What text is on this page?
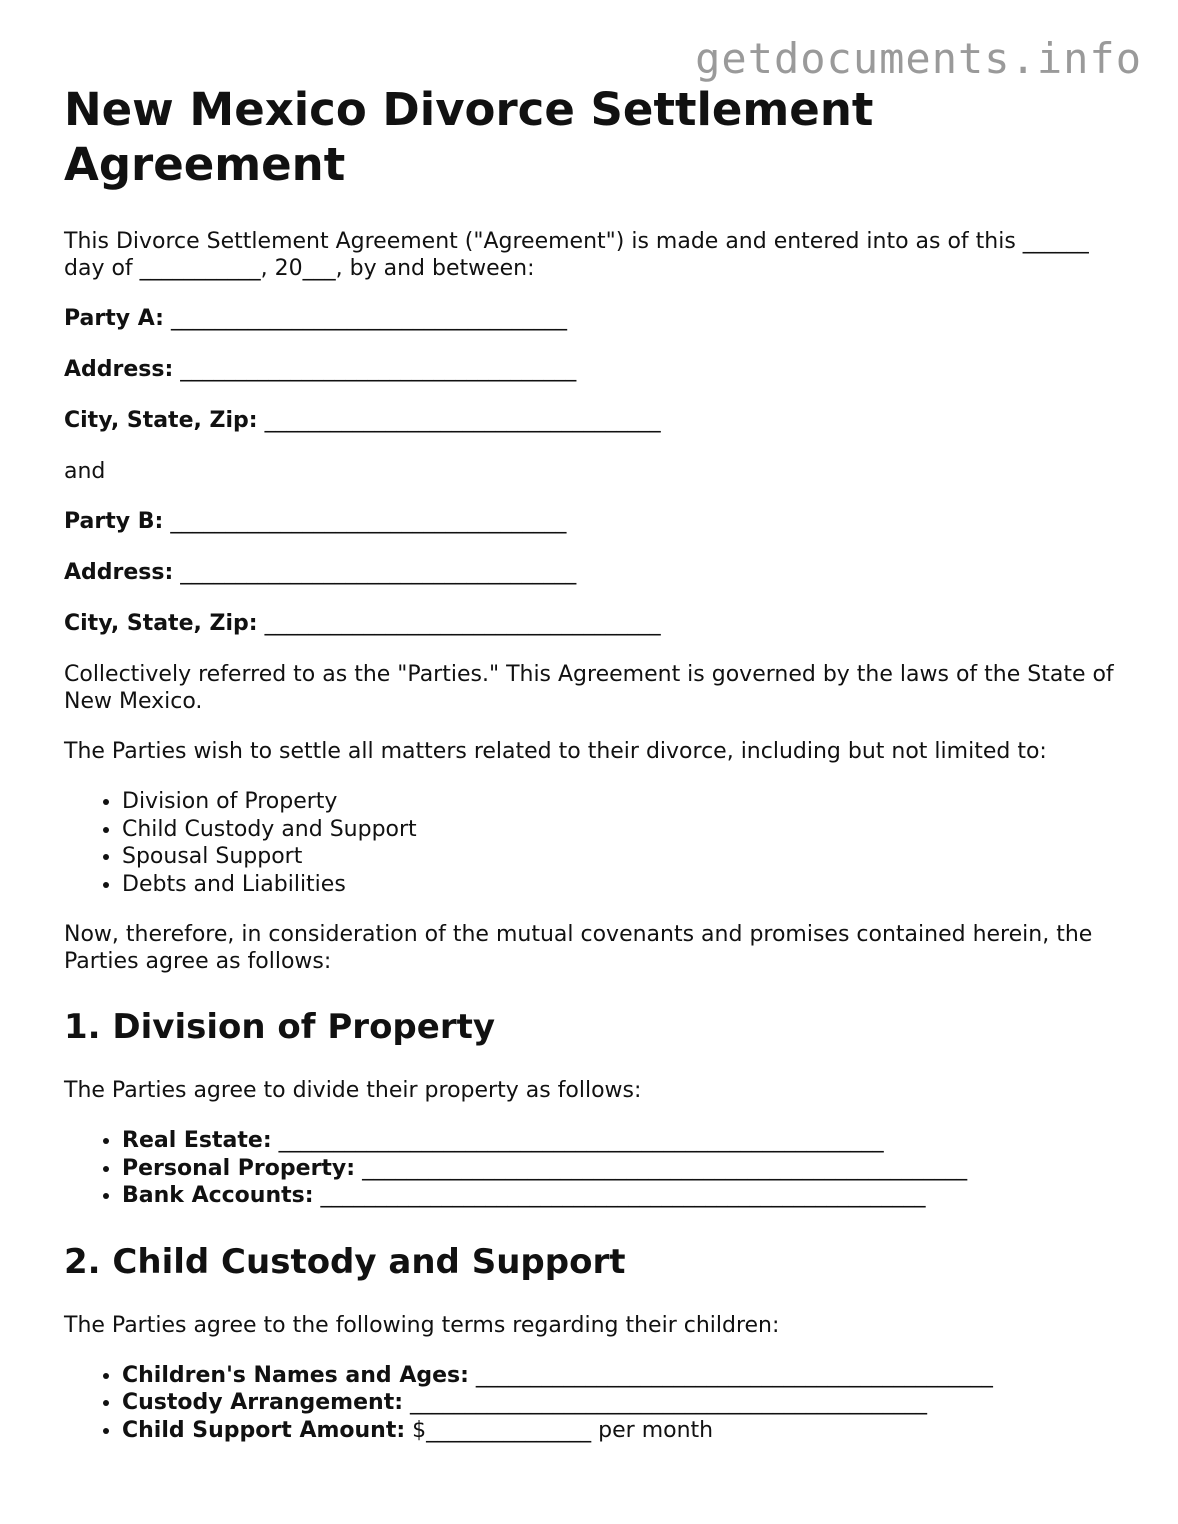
getdocuments.info
New Mexico Divorce Settlement Agreement

This Divorce Settlement Agreement ("Agreement") is made and entered into as of this ______ day of ___________, 20___, by and between:

Party A: ____________________________________
Address: ____________________________________
City, State, Zip: ____________________________________

and

Party B: ____________________________________
Address: ____________________________________
City, State, Zip: ____________________________________

Collectively referred to as the "Parties." This Agreement is governed by the laws of the State of New Mexico.

The Parties wish to settle all matters related to their divorce, including but not limited to:

• Division of Property
• Child Custody and Support
• Spousal Support
• Debts and Liabilities

Now, therefore, in consideration of the mutual covenants and promises contained herein, the Parties agree as follows:

1. Division of Property

The Parties agree to divide their property as follows:

• Real Estate: _______________________________________________________
• Personal Property: _______________________________________________________
• Bank Accounts: _______________________________________________________
2. Child Custody and Support

The Parties agree to the following terms regarding their children:

• Children's Names and Ages: _______________________________________________
• Custody Arrangement: _______________________________________________
• Child Support Amount: $_______________ per month
